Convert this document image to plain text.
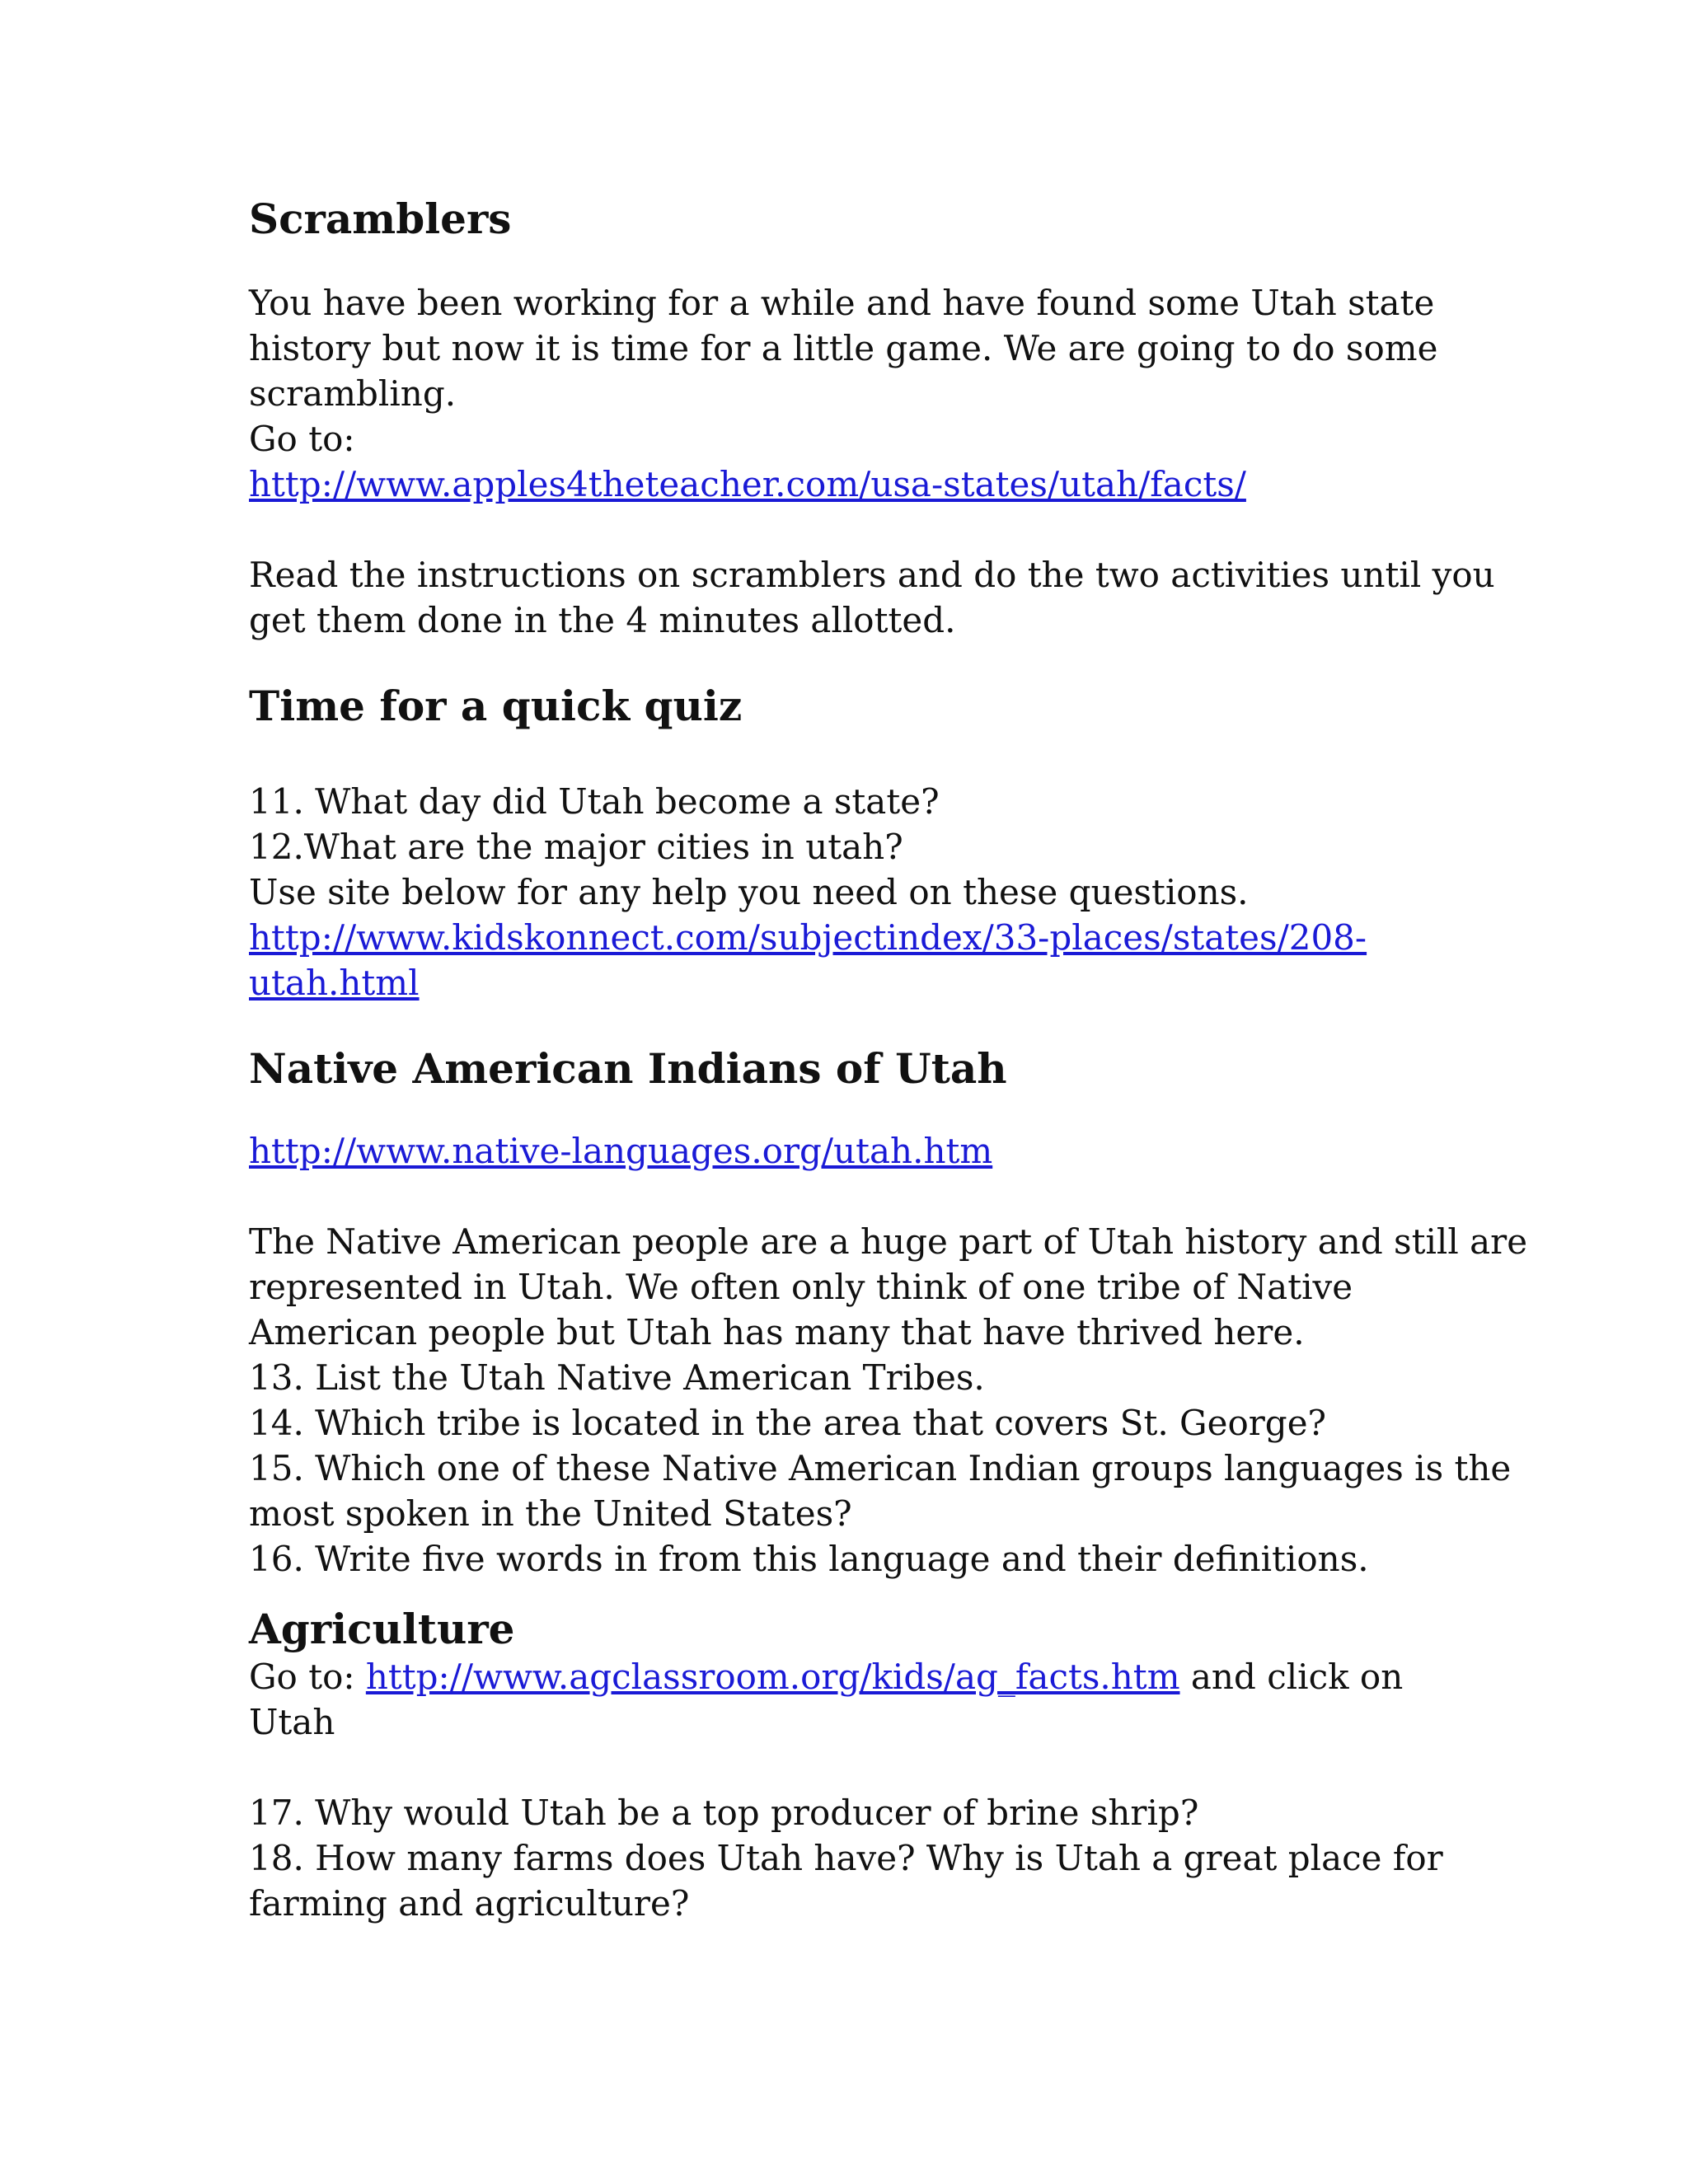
Scramblers

You have been working for a while and have found some Utah state
history but now it is time for a little game. We are going to do some
scrambling.
Go to:
http://www.apples4theteacher.com/usa-states/utah/facts/

Read the instructions on scramblers and do the two activities until you
get them done in the 4 minutes allotted.

Time for a quick quiz

11. What day did Utah become a state?
12.What are the major cities in utah?
Use site below for any help you need on these questions.
http://www.kidskonnect.com/subjectindex/33-places/states/208-
utah.html

Native American Indians of Utah

http://www.native-languages.org/utah.htm

The Native American people are a huge part of Utah history and still are
represented in Utah. We often only think of one tribe of Native
American people but Utah has many that have thrived here.
13. List the Utah Native American Tribes.
14. Which tribe is located in the area that covers St. George?
15. Which one of these Native American Indian groups languages is the
most spoken in the United States?
16. Write five words in from this language and their definitions.

Agriculture

Go to: http://www.agclassroom.org/kids/ag_facts.htm and click on
Utah

17. Why would Utah be a top producer of brine shrip?
18. How many farms does Utah have? Why is Utah a great place for
farming and agriculture?
